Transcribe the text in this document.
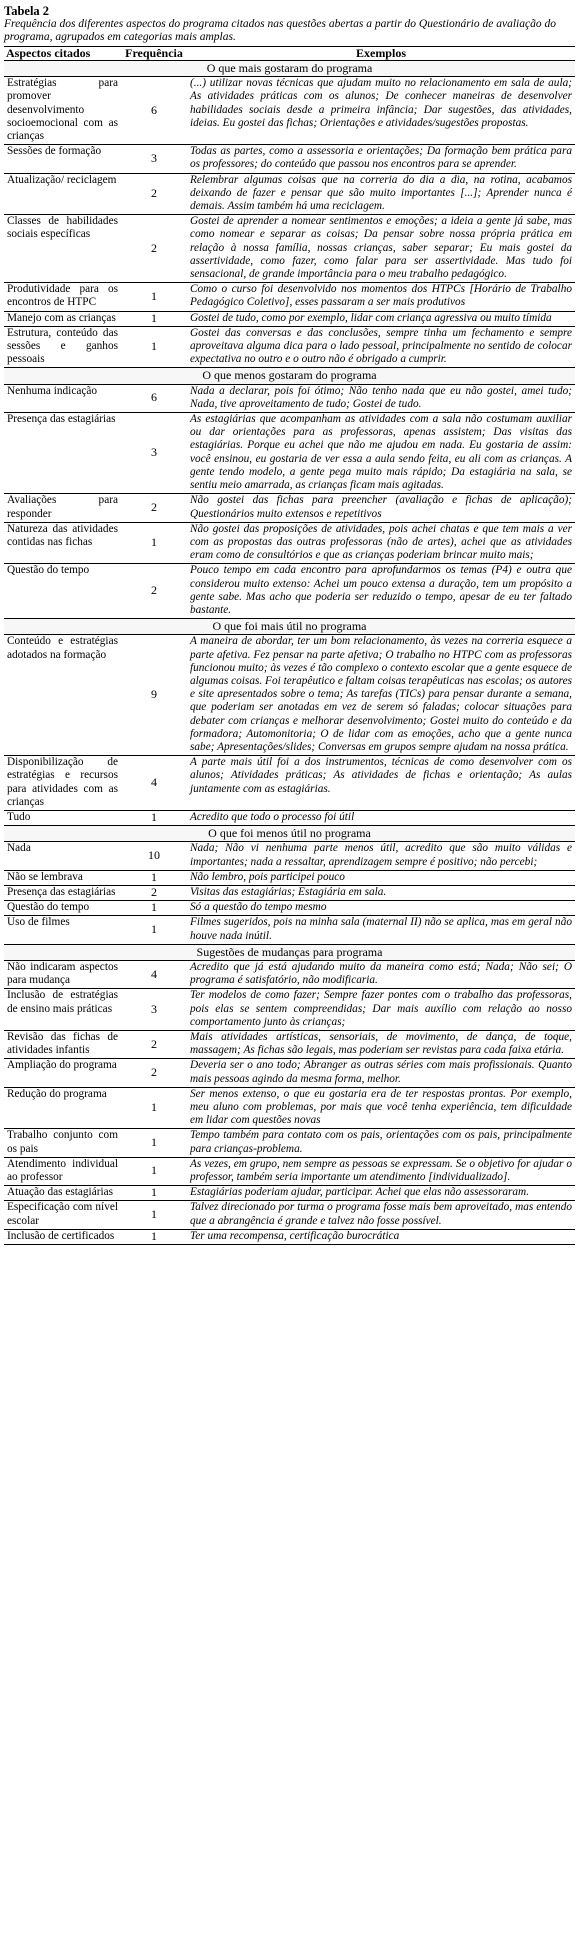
Tabela 2
Frequência dos diferentes aspectos do programa citados nas questões abertas a partir do Questionário de avaliação do programa, agrupados em categorias mais amplas.
Aspectos citados	Frequência	Exemplos
O que mais gostaram do programa		
Estratégias para promover desenvolvimento socioemocional com as crianças	6	(...) utilizar novas técnicas que ajudam muito no relacionamento em sala de aula; As atividades práticas com os alunos; De conhecer maneiras de desenvolver habilidades sociais desde a primeira infância; Dar sugestões, das atividades, ideias. Eu gostei das fichas; Orientações e atividades/sugestões propostas.
Sessões de formação	3	Todas as partes, como a assessoria e orientações; Da formação bem prática para os professores; do conteúdo que passou nos encontros para se aprender.
Atualização/ reciclagem	2	Relembrar algumas coisas que na correria do dia a dia, na rotina, acabamos deixando de fazer e pensar que são muito importantes [...]; Aprender nunca é demais. Assim também há uma reciclagem.
Classes de habilidades sociais específicas	2	Gostei de aprender a nomear sentimentos e emoções; a ideia a gente já sabe, mas como nomear e separar as coisas; Da pensar sobre nossa própria prática em relação à nossa família, nossas crianças, saber separar; Eu mais gostei da assertividade, como fazer, como falar para ser assertividade. Mas tudo foi sensacional, de grande importância para o meu trabalho pedagógico.
Produtividade para os encontros de HTPC	1	Como o curso foi desenvolvido nos momentos dos HTPCs [Horário de Trabalho Pedagógico Coletivo], esses passaram a ser mais produtivos
Manejo com as crianças	1	Gostei de tudo, como por exemplo, lidar com criança agressiva ou muito tímida
Estrutura, conteúdo das sessões e ganhos pessoais	1	Gostei das conversas e das conclusões, sempre tinha um fechamento e sempre aproveitava alguma dica para o lado pessoal, principalmente no sentido de colocar expectativa no outro e o outro não é obrigado a cumprir.
O que menos gostaram do programa		
Nenhuma indicação	6	Nada a declarar, pois foi ótimo; Não tenho nada que eu não gostei, amei tudo; Nada, tive aproveitamento de tudo; Gostei de tudo.
Presença das estagiárias	3	As estagiárias que acompanham as atividades com a sala não costumam auxiliar ou dar orientações para as professoras, apenas assistem; Das visitas das estagiárias. Porque eu achei que não me ajudou em nada. Eu gostaria de assim: você ensinou, eu gostaria de ver essa a aula sendo feita, eu ali com as crianças. A gente tendo modelo, a gente pega muito mais rápido; Da estagiária na sala, se sentiu meio amarrada, as crianças ficam mais agitadas.
Avaliações para responder	2	Não gostei das fichas para preencher (avaliação e fichas de aplicação); Questionários muito extensos e repetitivos
Natureza das atividades contidas nas fichas	1	Não gostei das proposições de atividades, pois achei chatas e que tem mais a ver com as propostas das outras professoras (não de artes), achei que as atividades eram como de consultórios e que as crianças poderiam brincar muito mais;
Questão do tempo	2	Pouco tempo em cada encontro para aprofundarmos os temas (P4) e outra que considerou muito extenso: Achei um pouco extensa a duração, tem um propósito a gente sabe. Mas acho que poderia ser reduzido o tempo, apesar de eu ter faltado bastante.
O que foi mais útil no programa		
Conteúdo e estratégias adotados na formação	9	A maneira de abordar, ter um bom relacionamento, às vezes na correria esquece a parte afetiva. Fez pensar na parte afetiva; O trabalho no HTPC com as professoras funcionou muito; às vezes é tão complexo o contexto escolar que a gente esquece de algumas coisas. Foi terapêutico e faltam coisas terapêuticas nas escolas; os autores e site apresentados sobre o tema; As tarefas (TICs) para pensar durante a semana, que poderiam ser anotadas em vez de serem só faladas; colocar situações para debater com crianças e melhorar desenvolvimento; Gostei muito do conteúdo e da formadora; Automonitoria; O de lidar com as emoções, acho que a gente nunca sabe; Apresentações/slides; Conversas em grupos sempre ajudam na nossa prática.
Disponibilização de estratégias e recursos para atividades com as crianças	4	A parte mais útil foi a dos instrumentos, técnicas de como desenvolver com os alunos; Atividades práticas; As atividades de fichas e orientação; As aulas juntamente com as estagiárias.
Tudo	1	Acredito que todo o processo foi útil
O que foi menos útil no programa		
Nada	10	Nada; Não vi nenhuma parte menos útil, acredito que são muito válidas e importantes; nada a ressaltar, aprendizagem sempre é positivo; não percebi;
Não se lembrava	1	Não lembro, pois participei pouco
Presença das estagiárias	2	Visitas das estagiárias; Estagiária em sala.
Questão do tempo	1	Só a questão do tempo mesmo
Uso de filmes	1	Filmes sugeridos, pois na minha sala (maternal II) não se aplica, mas em geral não houve nada inútil.
Sugestões de mudanças para programa		
Não indicaram aspectos para mudança	4	Acredito que já está ajudando muito da maneira como está; Nada; Não sei; O programa é satisfatório, não modificaria.
Inclusão de estratégias de ensino mais práticas	3	Ter modelos de como fazer; Sempre fazer pontes com o trabalho das professoras, pois elas se sentem compreendidas; Dar mais auxílio com relação ao nosso comportamento junto às crianças;
Revisão das fichas de atividades infantis	2	Mais atividades artísticas, sensoriais, de movimento, de dança, de toque, massagem; As fichas são legais, mas poderiam ser revistas para cada faixa etária.
Ampliação do programa	2	Deveria ser o ano todo; Abranger as outras séries com mais profissionais. Quanto mais pessoas agindo da mesma forma, melhor.
Redução do programa	1	Ser menos extenso, o que eu gostaria era de ter respostas prontas. Por exemplo, meu aluno com problemas, por mais que você tenha experiência, tem dificuldade em lidar com questões novas
Trabalho conjunto com os pais	1	Tempo também para contato com os pais, orientações com os pais, principalmente para crianças-problema.
Atendimento individual ao professor	1	As vezes, em grupo, nem sempre as pessoas se expressam. Se o objetivo for ajudar o professor, também seria importante um atendimento [individualizado].
Atuação das estagiárias	1	Estagiárias poderiam ajudar, participar. Achei que elas não assessoraram.
Especificação com nível escolar	1	Talvez direcionado por turma o programa fosse mais bem aproveitado, mas entendo que a abrangência é grande e talvez não fosse possível.
Inclusão de certificados	1	Ter uma recompensa, certificação burocrática
